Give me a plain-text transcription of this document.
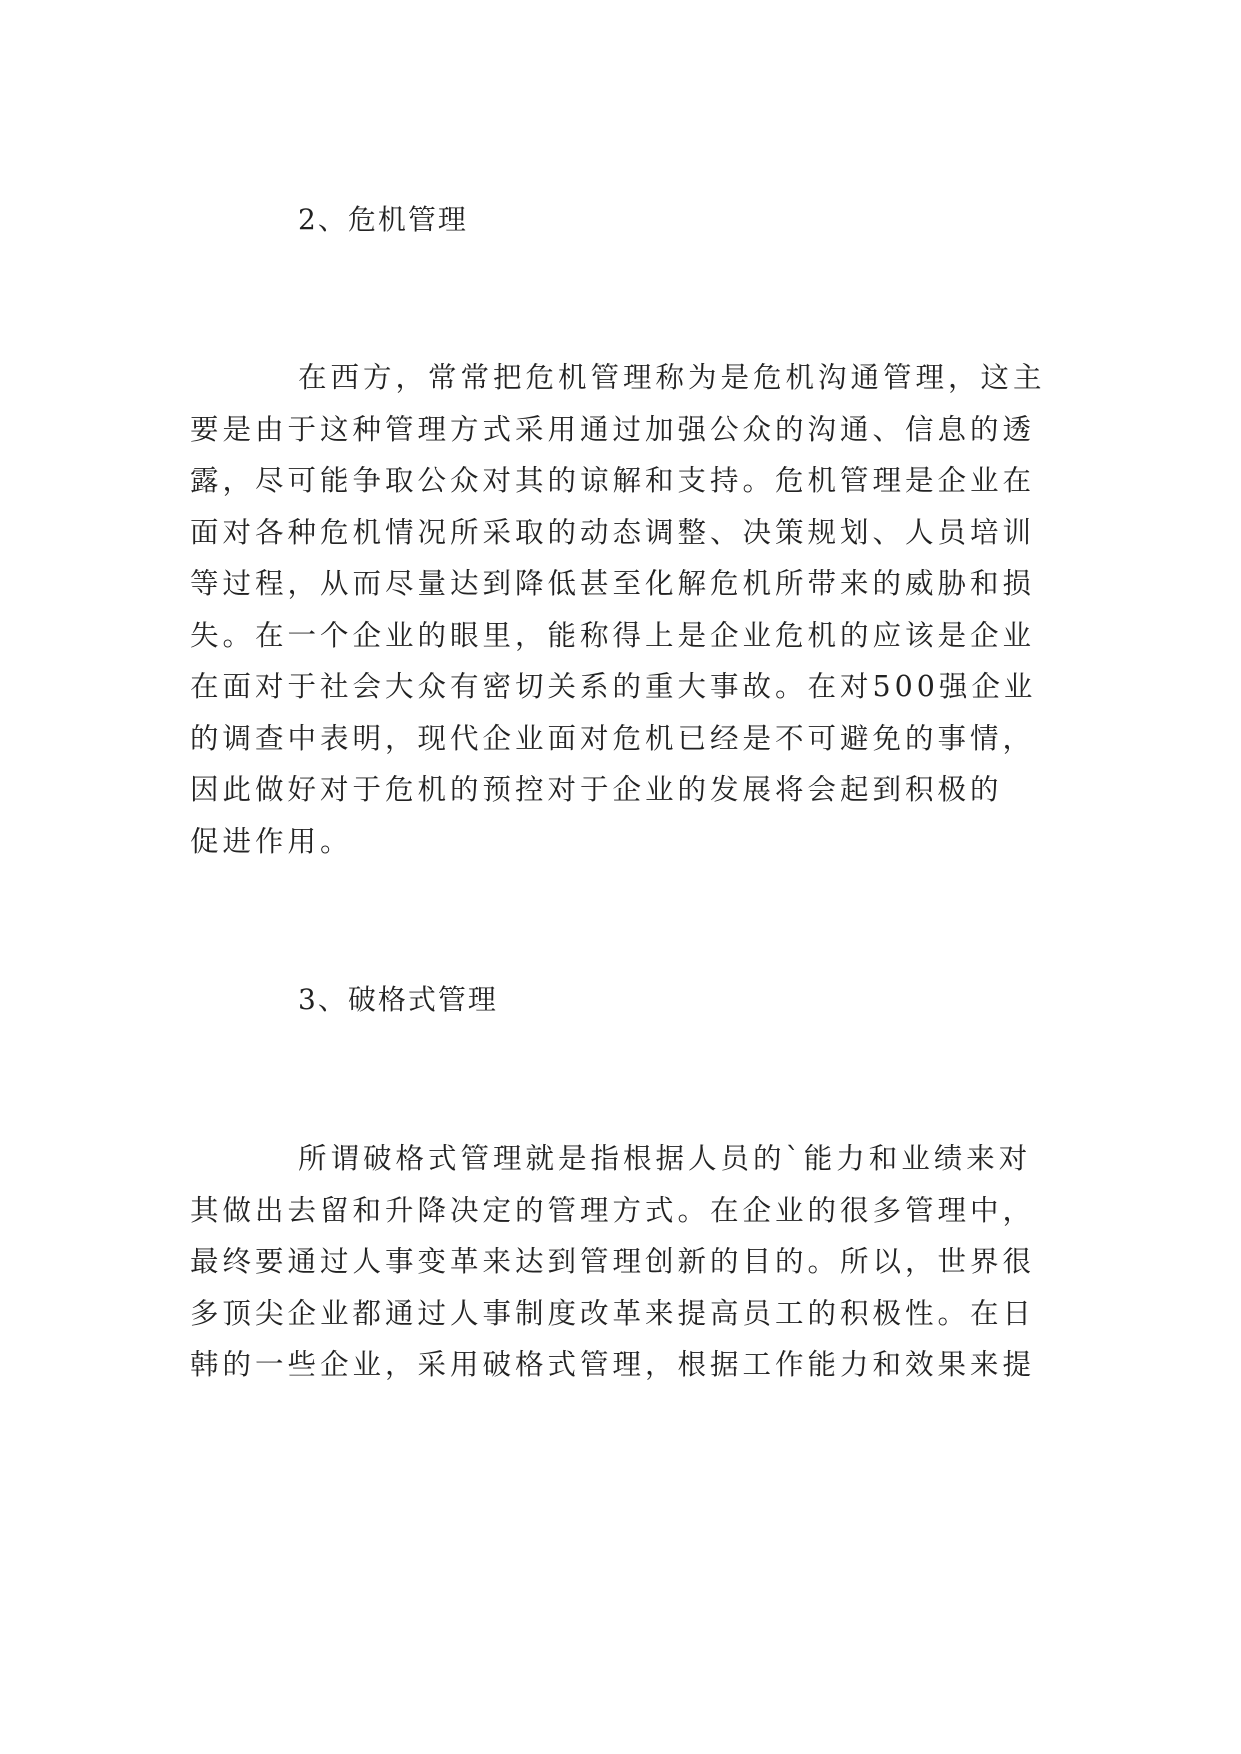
2、危机管理
在西方，常常把危机管理称为是危机沟通管理，这主
要是由于这种管理方式采用通过加强公众的沟通、信息的透
露，尽可能争取公众对其的谅解和支持。危机管理是企业在
面对各种危机情况所采取的动态调整、决策规划、人员培训
等过程，从而尽量达到降低甚至化解危机所带来的威胁和损
失。在一个企业的眼里，能称得上是企业危机的应该是企业
在面对于社会大众有密切关系的重大事故。在对500强企业
的调查中表明，现代企业面对危机已经是不可避免的事情，
因此做好对于危机的预控对于企业的发展将会起到积极的
促进作用。
3、破格式管理
所谓破格式管理就是指根据人员的`能力和业绩来对
其做出去留和升降决定的管理方式。在企业的很多管理中，
最终要通过人事变革来达到管理创新的目的。所以，世界很
多顶尖企业都通过人事制度改革来提高员工的积极性。在日
韩的一些企业，采用破格式管理，根据工作能力和效果来提
